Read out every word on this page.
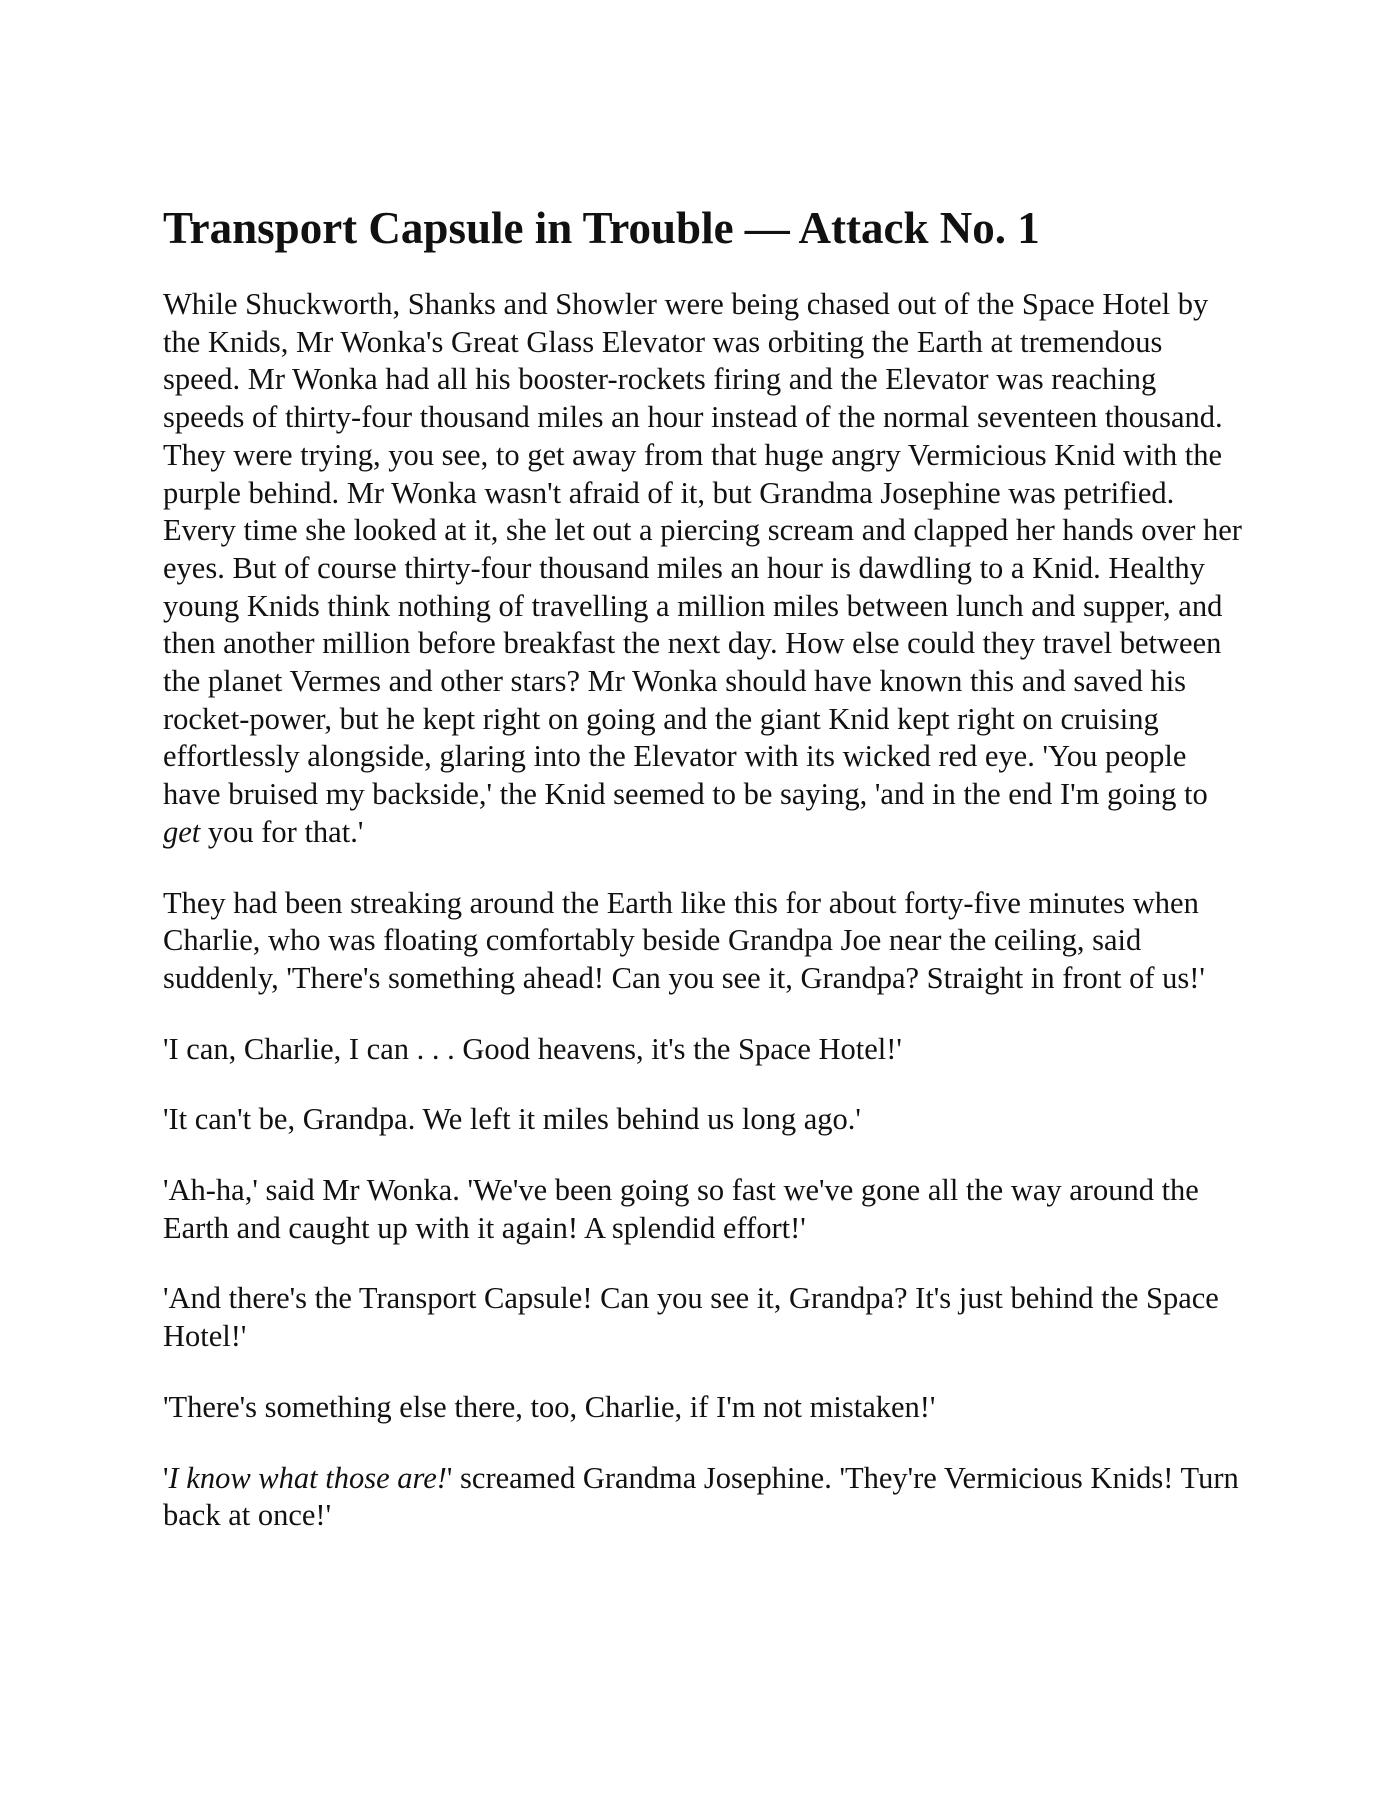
Transport Capsule in Trouble — Attack No. 1

While Shuckworth, Shanks and Showler were being chased out of the Space Hotel by the Knids, Mr Wonka's Great Glass Elevator was orbiting the Earth at tremendous speed. Mr Wonka had all his booster-rockets firing and the Elevator was reaching speeds of thirty-four thousand miles an hour instead of the normal seventeen thousand. They were trying, you see, to get away from that huge angry Vermicious Knid with the purple behind. Mr Wonka wasn't afraid of it, but Grandma Josephine was petrified. Every time she looked at it, she let out a piercing scream and clapped her hands over her eyes. But of course thirty-four thousand miles an hour is dawdling to a Knid. Healthy young Knids think nothing of travelling a million miles between lunch and supper, and then another million before breakfast the next day. How else could they travel between the planet Vermes and other stars? Mr Wonka should have known this and saved his rocket-power, but he kept right on going and the giant Knid kept right on cruising effortlessly alongside, glaring into the Elevator with its wicked red eye. 'You people have bruised my backside,' the Knid seemed to be saying, 'and in the end I'm going to get you for that.'

They had been streaking around the Earth like this for about forty-five minutes when Charlie, who was floating comfortably beside Grandpa Joe near the ceiling, said suddenly, 'There's something ahead! Can you see it, Grandpa? Straight in front of us!'

'I can, Charlie, I can . . . Good heavens, it's the Space Hotel!'

'It can't be, Grandpa. We left it miles behind us long ago.'

'Ah-ha,' said Mr Wonka. 'We've been going so fast we've gone all the way around the Earth and caught up with it again! A splendid effort!'

'And there's the Transport Capsule! Can you see it, Grandpa? It's just behind the Space Hotel!'

'There's something else there, too, Charlie, if I'm not mistaken!'

'I know what those are!' screamed Grandma Josephine. 'They're Vermicious Knids! Turn back at once!'
